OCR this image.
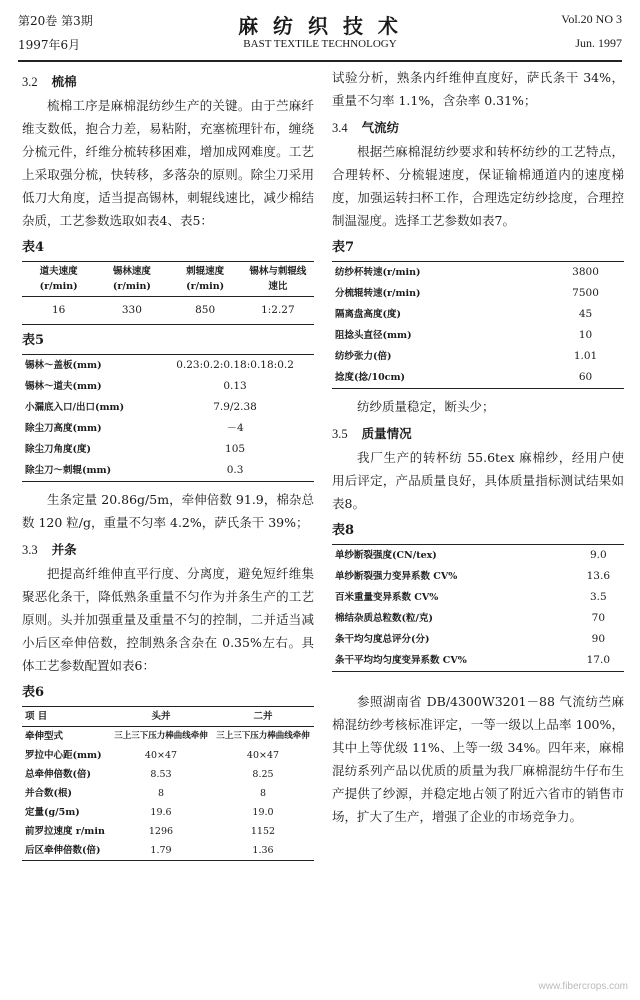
第20卷 第3期
1997年6月
麻 纺 织 技 术
BAST TEXTILE TECHNOLOGY
Vol.20 NO 3
Jun. 1997
3.2 梳棉

梳棉工序是麻棉混纺纱生产的关键。由于苎麻纤维支数低，抱合力差，易粘附，充塞梳理针布，缠绕分梳元件，纤维分梳转移困难，增加成网难度。工艺上采取强分梳，快转移，多落杂的原则。除尘刀采用低刀大角度，适当提高锡林，刺辊线速比，减少棉结杂质，工艺参数选取如表4、表5：

表4
道夫速度(r/min)	锡林速度(r/min)	刺辊速度(r/min)	锡林与刺辊线速比
16	330	850	1:2.27
表5
锡林～盖板(mm)	0.23:0.2:0.18:0.18:0.2
锡林～道夫(mm)	0.13
小漏底入口/出口(mm)	7.9/2.38
除尘刀高度(mm)	－4
除尘刀角度(度)	105
除尘刀～刺辊(mm)	0.3

生条定量 20.86g/5m，牵伸倍数 91.9，棉杂总数 120 粒/g，重量不匀率 4.2%，萨氏条干 39%；

3.3 并条

把提高纤维伸直平行度、分离度，避免短纤维集聚恶化条干，降低熟条重量不匀作为并条生产的工艺原则。头并加强重量及重量不匀的控制，二并适当减小后区牵伸倍数，控制熟条含杂在 0.35%左右。具体工艺参数配置如表6：

表6
项 目	头并	二并
牵伸型式	三上三下压力棒曲线牵伸	三上三下压力棒曲线牵伸
罗拉中心距(mm)	40×47	40×47
总牵伸倍数(倍)	8.53	8.25
并合数(根)	8	8
定量(g/5m)	19.6	19.0
前罗拉速度 r/min	1296	1152
后区牵伸倍数(倍)	1.79	1.36

试验分析，熟条内纤维伸直度好，萨氏条干 34%，重量不匀率 1.1%，含杂率 0.31%；

3.4 气流纺

根据苎麻棉混纺纱要求和转杯纺纱的工艺特点，合理转杯、分梳辊速度，保证输棉通道内的速度梯度，加强运转扫杯工作，合理选定纺纱捻度，合理控制温湿度。选择工艺参数如表7。

表7
纺纱杯转速(r/min)	3800
分梳辊转速(r/min)	7500
隔离盘高度(度)	45
阻捻头直径(mm)	10
纺纱张力(倍)	1.01
捻度(捻/10cm)	60

纺纱质量稳定，断头少；

3.5 质量情况

我厂生产的转杯纺 55.6tex 麻棉纱，经用户使用后评定，产品质量良好，具体质量指标测试结果如表8。

表8
单纱断裂强度(CN/tex)	9.0
单纱断裂强力变异系数 CV%	13.6
百米重量变异系数 CV%	3.5
棉结杂质总粒数(粒/克)	70
条干均匀度总评分(分)	90
条干平均均匀度变异系数 CV%	17.0

参照湖南省 DB/4300W3201－88 气流纺苎麻棉混纺纱考核标准评定，一等一级以上品率 100%，其中上等优级 11%、上等一级 34%。四年来，麻棉混纺系列产品以优质的质量为我厂麻棉混纺牛仔布生产提供了纱源，并稳定地占领了附近六省市的销售市场，扩大了生产，增强了企业的市场竞争力。

www.fibercrops.com
